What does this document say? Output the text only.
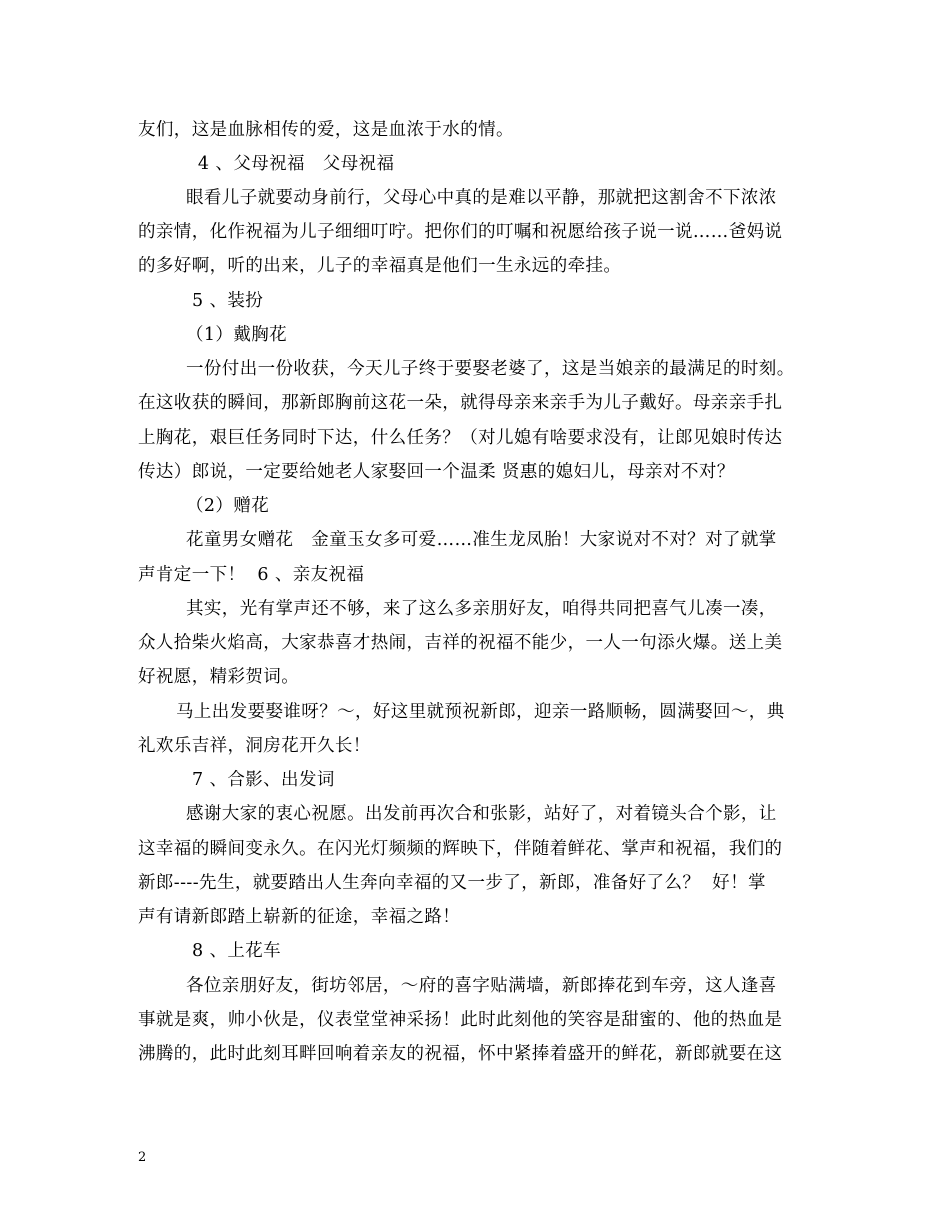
友们，这是血脉相传的爱，这是血浓于水的情。
4 、父母祝福   父母祝福
眼看儿子就要动身前行，父母心中真的是难以平静，那就把这割舍不下浓浓
的亲情，化作祝福为儿子细细叮咛。把你们的叮嘱和祝愿给孩子说一说……爸妈说
的多好啊，听的出来，儿子的幸福真是他们一生永远的牵挂。
5 、装扮
（1）戴胸花
一份付出一份收获，今天儿子终于要娶老婆了，这是当娘亲的最满足的时刻。
在这收获的瞬间，那新郎胸前这花一朵，就得母亲来亲手为儿子戴好。母亲亲手扎
上胸花，艰巨任务同时下达，什么任务？（对儿媳有啥要求没有，让郎见娘时传达
传达）郎说，一定要给她老人家娶回一个温柔 贤惠的媳妇儿，母亲对不对？
（2）赠花
花童男女赠花   金童玉女多可爱……准生龙凤胎！大家说对不对？对了就掌
声肯定一下！  6 、亲友祝福
其实，光有掌声还不够，来了这么多亲朋好友，咱得共同把喜气儿凑一凑，
众人拾柴火焰高，大家恭喜才热闹，吉祥的祝福不能少，一人一句添火爆。送上美
好祝愿，精彩贺词。
马上出发要娶谁呀？～，好这里就预祝新郎，迎亲一路顺畅，圆满娶回～，典
礼欢乐吉祥，洞房花开久长！
7 、合影、出发词
感谢大家的衷心祝愿。出发前再次合和张影，站好了，对着镜头合个影，让
这幸福的瞬间变永久。在闪光灯频频的辉映下，伴随着鲜花、掌声和祝福，我们的
新郎----先生，就要踏出人生奔向幸福的又一步了，新郎，准备好了么？  好！掌
声有请新郎踏上崭新的征途，幸福之路！
8 、上花车
各位亲朋好友，街坊邻居，～府的喜字贴满墙，新郎捧花到车旁，这人逢喜
事就是爽，帅小伙是，仪表堂堂神采扬！此时此刻他的笑容是甜蜜的、他的热血是
沸腾的，此时此刻耳畔回响着亲友的祝福，怀中紧捧着盛开的鲜花，新郎就要在这
2
